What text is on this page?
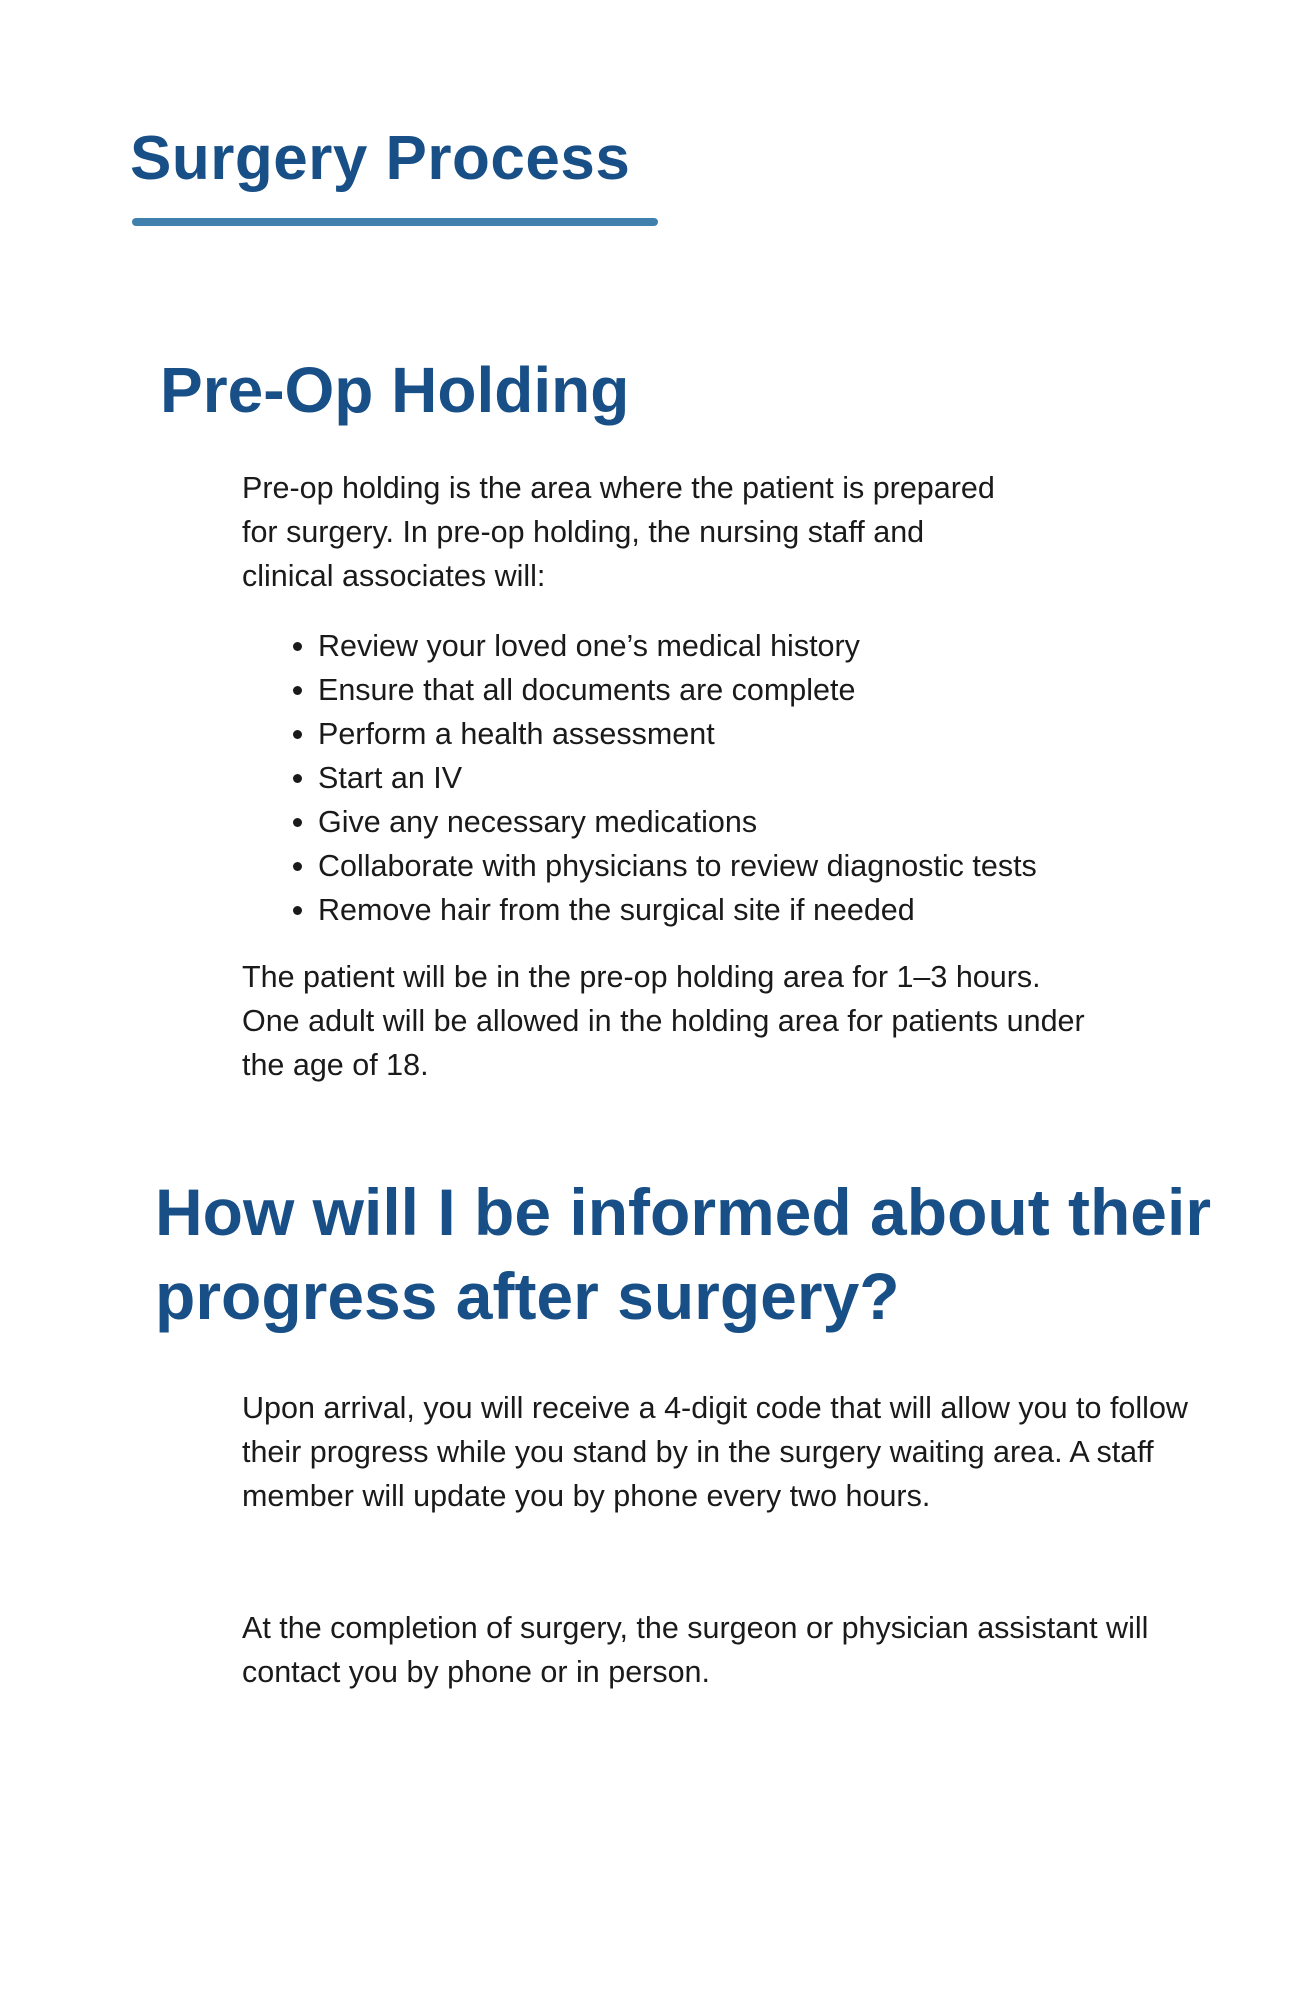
Surgery Process
Pre-Op Holding

Pre-op holding is the area where the patient is prepared for surgery. In pre-op holding, the nursing staff and clinical associates will:

• Review your loved one’s medical history
• Ensure that all documents are complete
• Perform a health assessment
• Start an IV
• Give any necessary medications
• Collaborate with physicians to review diagnostic tests
• Remove hair from the surgical site if needed

The patient will be in the pre-op holding area for 1–3 hours. One adult will be allowed in the holding area for patients under the age of 18.

How will I be informed about their progress after surgery?

Upon arrival, you will receive a 4-digit code that will allow you to follow their progress while you stand by in the surgery waiting area. A staff member will update you by phone every two hours.

At the completion of surgery, the surgeon or physician assistant will contact you by phone or in person.
